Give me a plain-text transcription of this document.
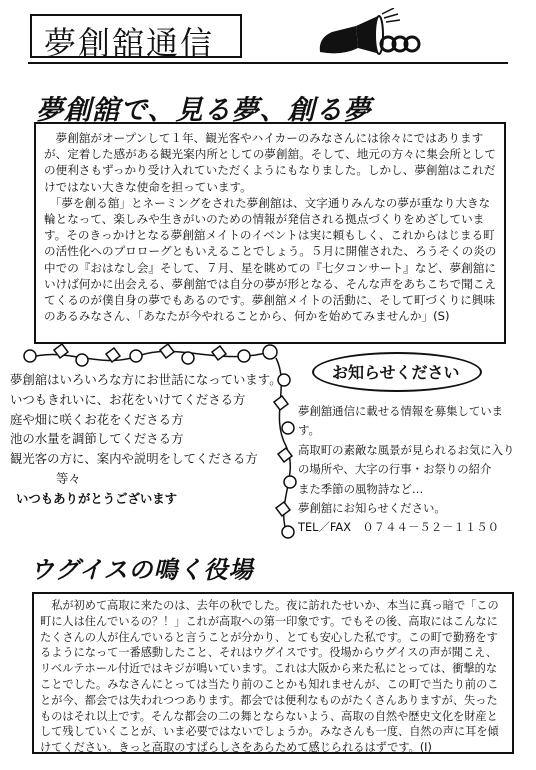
夢創舘通信
夢創舘で、見る夢、創る夢
　夢創舘がオープンして１年、観光客やハイカーのみなさんには徐々にではありますが、定着した感がある観光案内所としての夢創舘。そして、地元の方々に集会所としての便利さもずっかり受け入れていただくようにもなりました。しかし、夢創舘はこれだけではない大きな使命を担っています。
　「夢を創る舘」とネーミングをされた夢創舘は、文字通りみんなの夢が重なり大きな輪となって、楽しみや生きがいのための情報が発信される拠点づくりをめざしています。そのきっかけとなる夢創舘メイトのイベントは実に頼もしく、これからはじまる町の活性化へのプロローグともいえることでしょう。５月に開催された、ろうそくの炎の中での『おはなし会』そして、７月、星を眺めての『七夕コンサート』など、夢創舘にいけば何かに出会える、夢創舘では自分の夢が形となる、そんな声をあちこちで聞こえてくるのが僕自身の夢でもあるのです。夢創舘メイトの活動に、そして町づくりに興味のあるみなさん、「あなたが今やれることから、何かを始めてみませんか」(S)
夢創舘はいろいろな方にお世話になっています。
いつもきれいに、お花をいけてくださる方
庭や畑に咲くお花をくださる方
池の水量を調節してくださる方
観光客の方に、案内や説明をしてくださる方
等々
いつもありがとうございます
お知らせください
夢創舘通信に載せる情報を募集しています。
高取町の素敵な風景が見られるお気に入り
の場所や、大字の行事・お祭りの紹介
また季節の風物詩など…
夢創舘にお知らせください。
TEL／FAX　０７４４－５２－１１５０
ウグイスの鳴く役場
　私が初めて高取に来たのは、去年の秋でした。夜に訪れたせいか、本当に真っ暗で「この町に人は住んでいるの？！」これが高取への第一印象です。でもその後、高取にはこんなにたくさんの人が住んでいると言うことが分かり、とても安心した私です。この町で勤務をするようになって一番感動したこと、それはウグイスです。役場からウグイスの声が聞こえ、リベルテホール付近ではキジが鳴いています。これは大阪から来た私にとっては、衝撃的なことでした。みなさんにとっては当たり前のことかも知れませんが、この町で当たり前のことが今、都会では失われつつあります。都会では便利なものがたくさんありますが、失ったものはそれ以上です。そんな都会の二の舞とならないよう、高取の自然や歴史文化を財産として残していくことが、いま必要ではないでしょうか。みなさんも一度、自然の声に耳を傾けてください。きっと高取のすばらしさをあらためて感じられるはずです。(I)
